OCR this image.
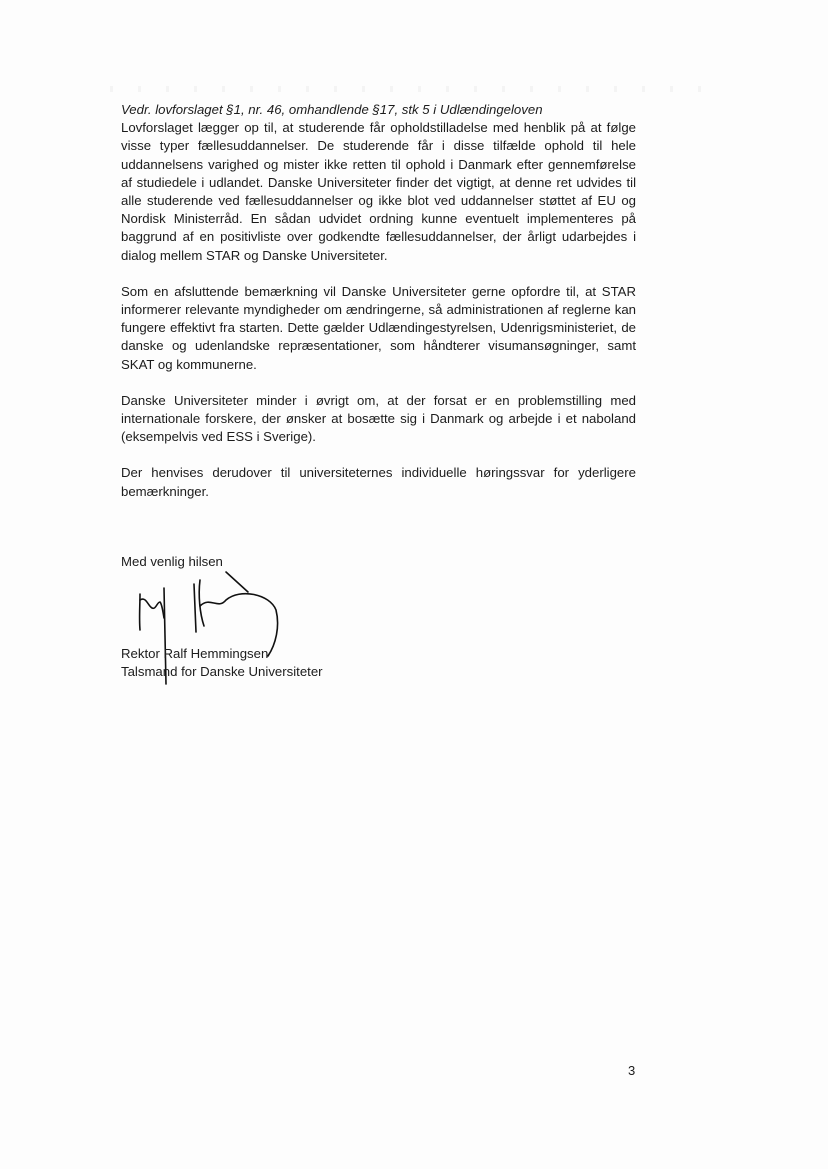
Vedr. lovforslaget §1, nr. 46, omhandlende §17, stk 5 i Udlændingeloven

Lovforslaget lægger op til, at studerende får opholdstilladelse med henblik på at følge visse typer fællesuddannelser. De studerende får i disse tilfælde ophold til hele uddannelsens varighed og mister ikke retten til ophold i Danmark efter gennemførelse af studiedele i udlandet. Danske Universiteter finder det vigtigt, at denne ret udvides til alle studerende ved fællesuddannelser og ikke blot ved uddannelser støttet af EU og Nordisk Ministerråd. En sådan udvidet ordning kunne eventuelt implementeres på baggrund af en positivliste over godkendte fællesuddannelser, der årligt udarbejdes i dialog mellem STAR og Danske Universiteter.

Som en afsluttende bemærkning vil Danske Universiteter gerne opfordre til, at STAR informerer relevante myndigheder om ændringerne, så administrationen af reglerne kan fungere effektivt fra starten. Dette gælder Udlændingestyrelsen, Udenrigsministeriet, de danske og udenlandske repræsentationer, som håndterer visumansøgninger, samt SKAT og kommunerne.

Danske Universiteter minder i øvrigt om, at der forsat er en problemstilling med internationale forskere, der ønsker at bosætte sig i Danmark og arbejde i et naboland (eksempelvis ved ESS i Sverige).

Der henvises derudover til universiteternes individuelle høringssvar for yderligere bemærkninger.

Med venlig hilsen
Rektor Ralf Hemmingsen
Talsmand for Danske Universiteter
3
